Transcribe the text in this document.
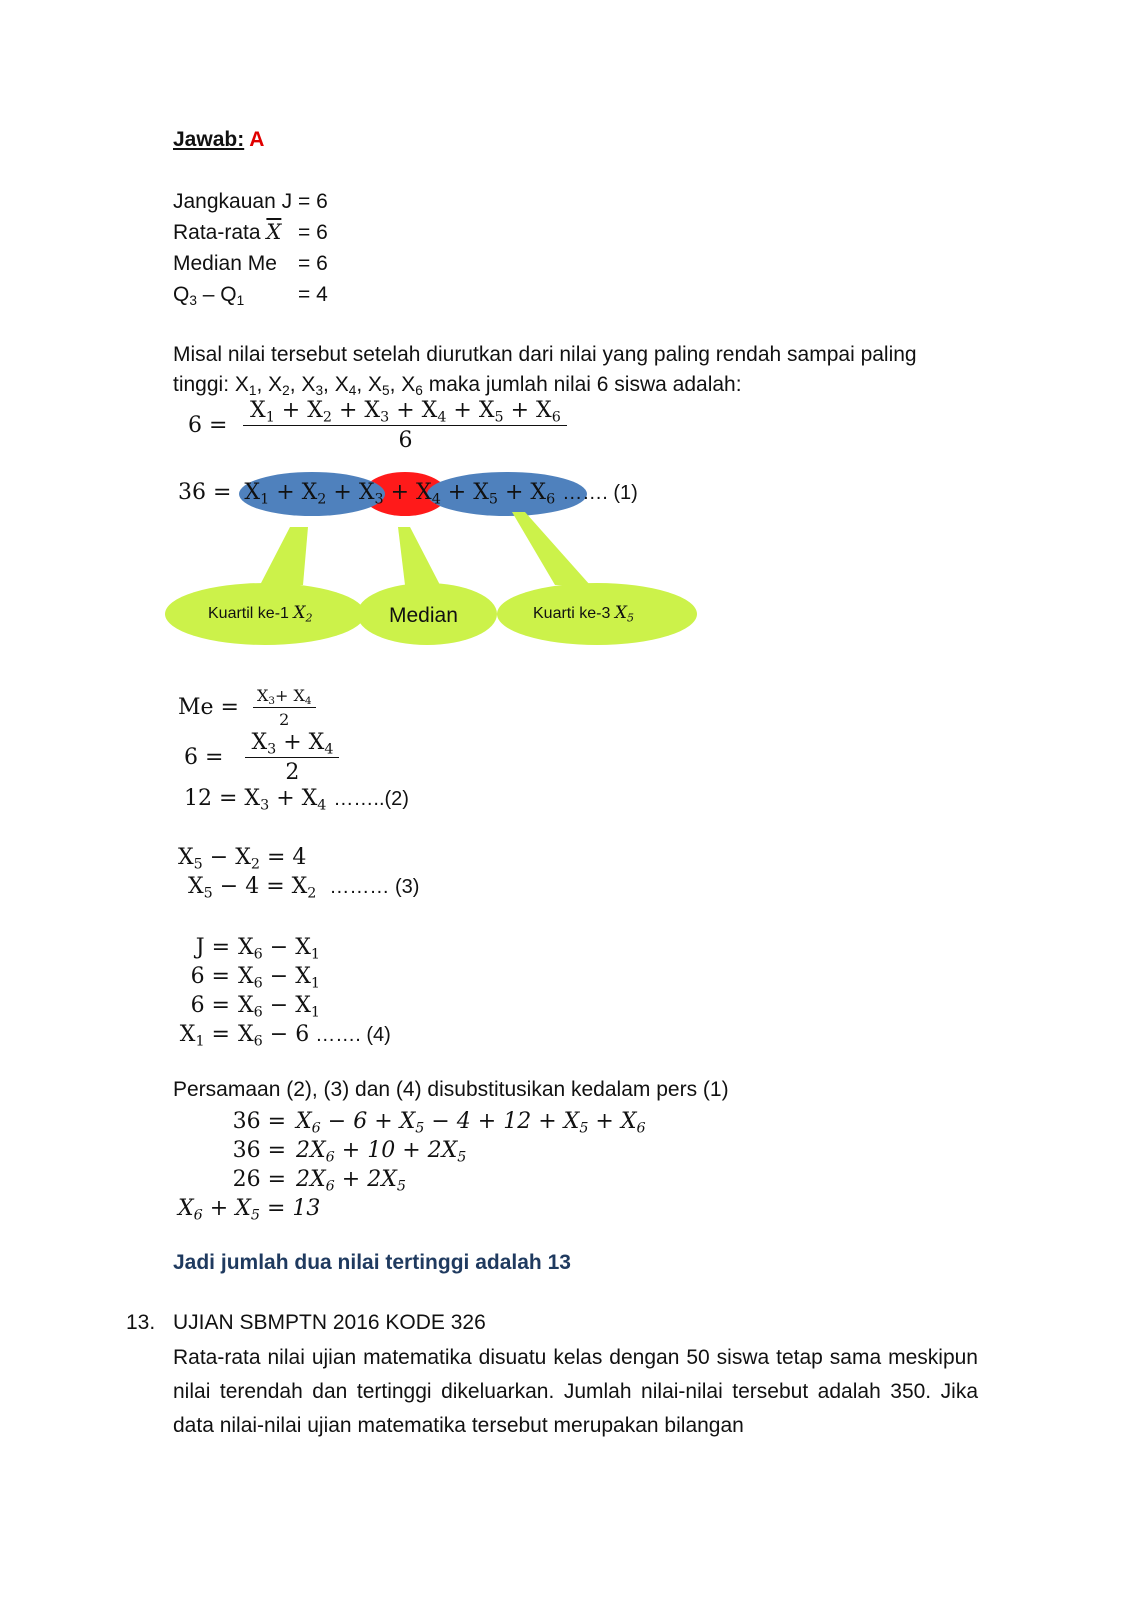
Jawab: A
Jangkauan J = 6
Rata-rata $\overline{X} = 6$
Median Me	= 6
$Q_3 - Q_1$	= 4
Misal nilai tersebut setelah diurutkan dari nilai yang paling rendah sampai paling
tinggi: $X_1$, $X_2$, $X_3$, $X_4$, $X_5$, $X_6$ maka jumlah nilai 6 siswa adalah:
$6 = \frac{X_1 + X_2 + X_3 + X_4 + X_5 + X_6}{6}$
$36 = X_1 + X_2 + X_3 + X_4 + X_5 + X_6$ ……. (1)
Kuartil ke-1 $X_2$	Median	Kuarti ke-3 $X_5$
$Me = \frac{X_3+ X_4}{2}$
$6 = \frac{X_3 + X_4}{2}$
$12 = X_3 + X_4$ ……..(2)
$X_5 - X_2 = 4$
$X_5 - 4 = X_2$ ……… (3)
$J = X_6 - X_1$
$6 = X_6 - X_1$
$6 = X_6 - X_1$
$X_1 = X_6 - 6$ ……. (4)
Persamaan (2), (3) dan (4) disubstitusikan kedalam pers (1)
$36 = X_6 - 6 + X_5 - 4 + 12 + X_5 + X_6$
$36 = 2X_6 + 10 + 2X_5$
$26 = 2X_6 + 2X_5$
$X_6 + X_5 = 13$
Jadi jumlah dua nilai tertinggi adalah 13
13. UJIAN SBMPTN 2016 KODE 326
Rata-rata nilai ujian matematika disuatu kelas dengan 50 siswa tetap sama meskipun nilai terendah dan tertinggi dikeluarkan. Jumlah nilai-nilai tersebut adalah 350. Jika data nilai-nilai ujian matematika tersebut merupakan bilangan
